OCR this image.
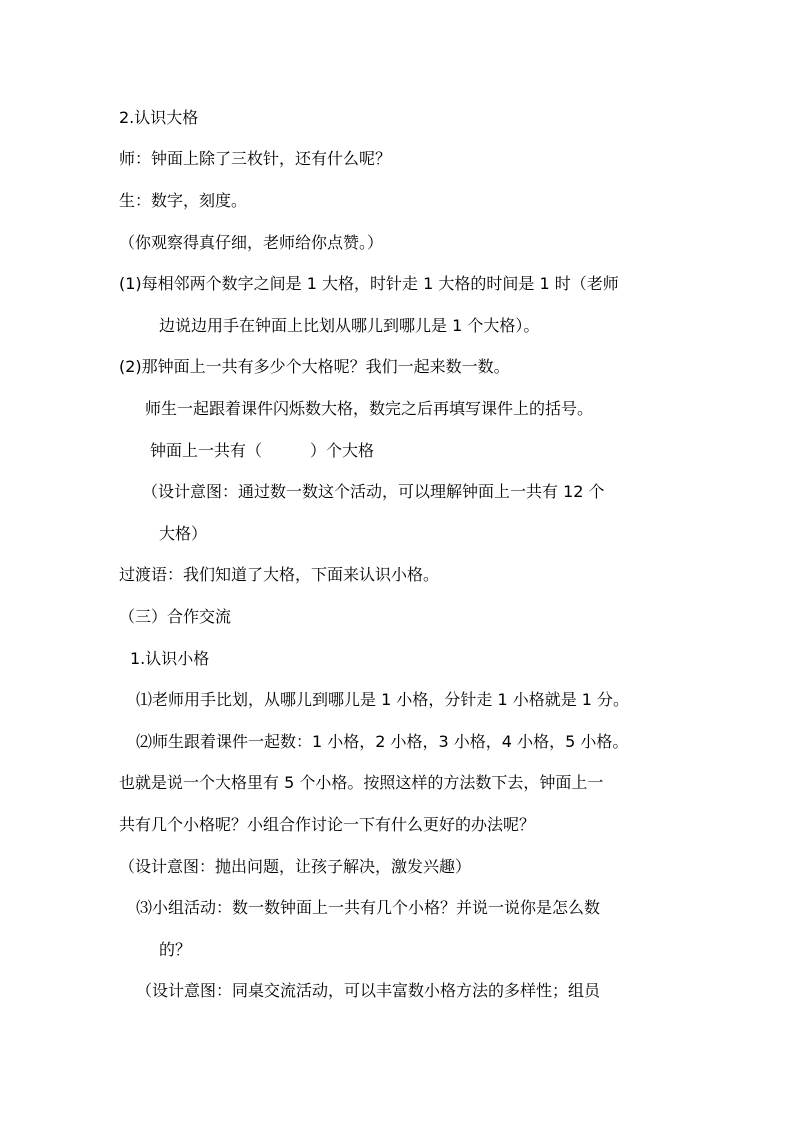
2.认识大格

师：钟面上除了三枚针，还有什么呢？

生：数字，刻度。

（你观察得真仔细，老师给你点赞。）

(1)每相邻两个数字之间是 1 大格，时针走 1 大格的时间是 1 时（老师

边说边用手在钟面上比划从哪儿到哪儿是 1 个大格）。

(2)那钟面上一共有多少个大格呢？我们一起来数一数。

师生一起跟着课件闪烁数大格，数完之后再填写课件上的括号。

钟面上一共有（　　　）个大格

（设计意图：通过数一数这个活动，可以理解钟面上一共有 12 个

大格）

过渡语：我们知道了大格，下面来认识小格。

（三）合作交流

1.认识小格

⑴老师用手比划，从哪儿到哪儿是 1 小格，分针走 1 小格就是 1 分。

⑵师生跟着课件一起数：1 小格，2 小格，3 小格，4 小格，5 小格。

也就是说一个大格里有 5 个小格。按照这样的方法数下去，钟面上一

共有几个小格呢？小组合作讨论一下有什么更好的办法呢？

（设计意图：抛出问题，让孩子解决，激发兴趣）

⑶小组活动：数一数钟面上一共有几个小格？并说一说你是怎么数

的？

（设计意图：同桌交流活动，可以丰富数小格方法的多样性；组员
